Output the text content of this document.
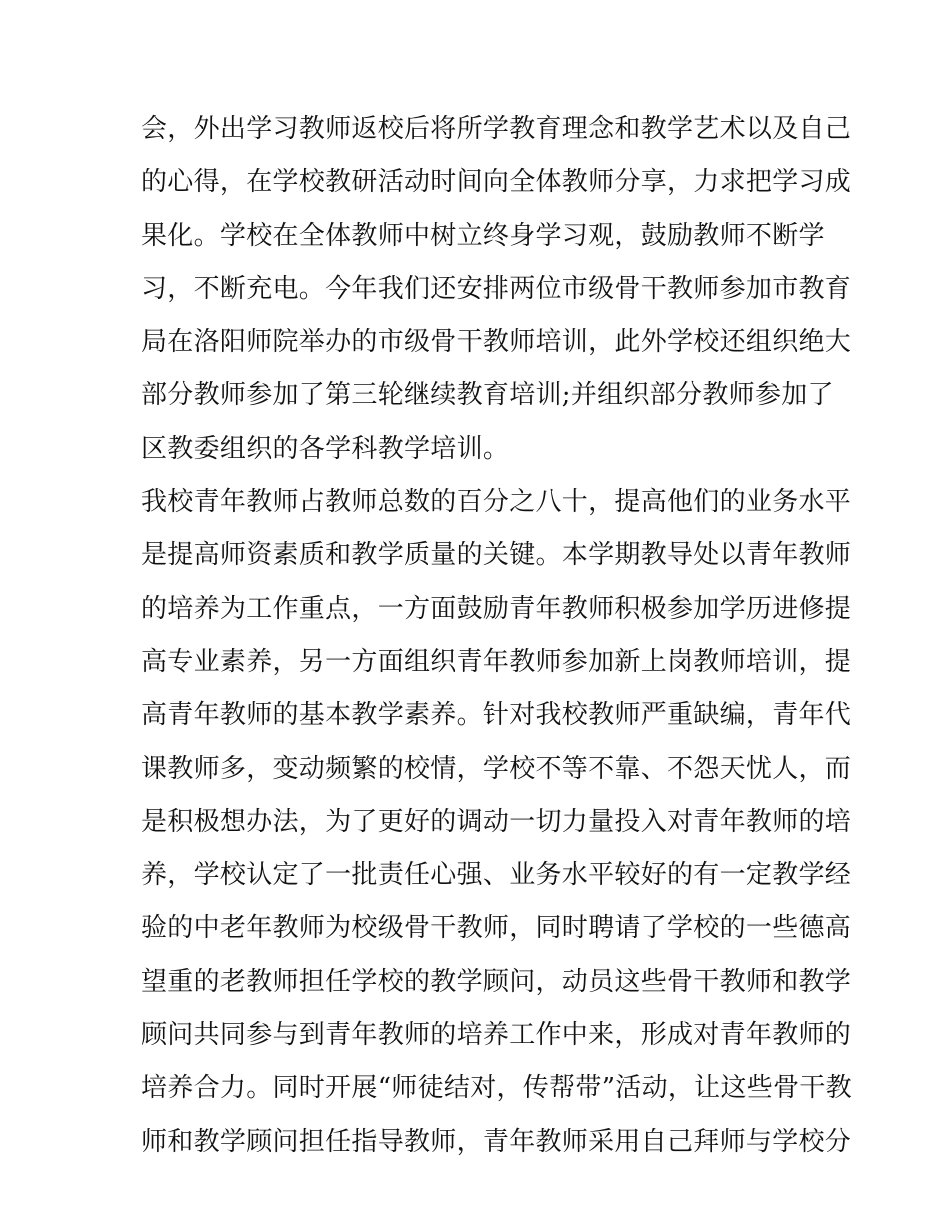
会，外出学习教师返校后将所学教育理念和教学艺术以及自己
的心得，在学校教研活动时间向全体教师分享，力求把学习成
果化。学校在全体教师中树立终身学习观，鼓励教师不断学
习，不断充电。今年我们还安排两位市级骨干教师参加市教育
局在洛阳师院举办的市级骨干教师培训，此外学校还组织绝大
部分教师参加了第三轮继续教育培训;并组织部分教师参加了
区教委组织的各学科教学培训。
我校青年教师占教师总数的百分之八十，提高他们的业务水平
是提高师资素质和教学质量的关键。本学期教导处以青年教师
的培养为工作重点，一方面鼓励青年教师积极参加学历进修提
高专业素养，另一方面组织青年教师参加新上岗教师培训，提
高青年教师的基本教学素养。针对我校教师严重缺编，青年代
课教师多，变动频繁的校情，学校不等不靠、不怨天忧人，而
是积极想办法，为了更好的调动一切力量投入对青年教师的培
养，学校认定了一批责任心强、业务水平较好的有一定教学经
验的中老年教师为校级骨干教师，同时聘请了学校的一些德高
望重的老教师担任学校的教学顾问，动员这些骨干教师和教学
顾问共同参与到青年教师的培养工作中来，形成对青年教师的
培养合力。同时开展“师徒结对，传帮带”活动，让这些骨干教
师和教学顾问担任指导教师，青年教师采用自己拜师与学校分
